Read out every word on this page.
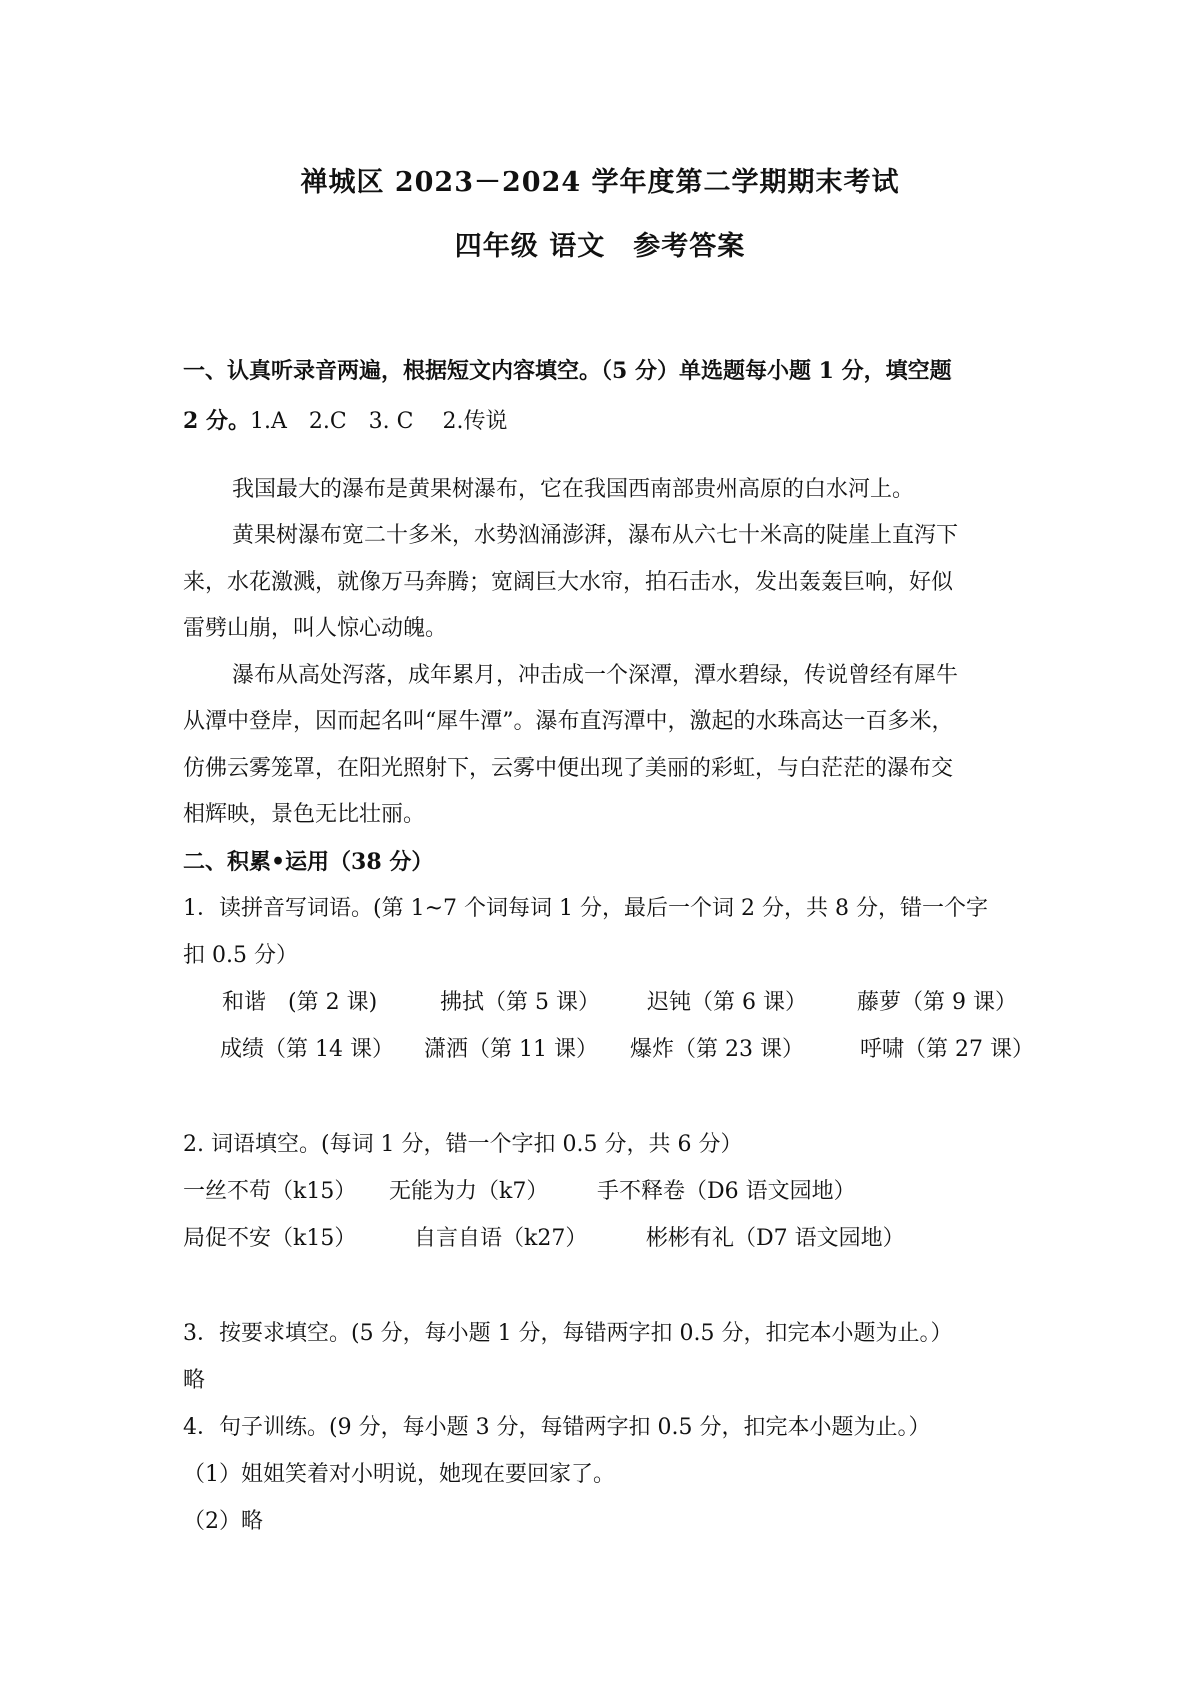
禅城区 2023－2024 学年度第二学期期末考试
四年级 语文　参考答案
一、认真听录音两遍，根据短文内容填空。（5 分）单选题每小题 1 分，填空题
2 分。1.A　2.C　3. C　 2.传说
我国最大的瀑布是黄果树瀑布，它在我国西南部贵州高原的白水河上。
黄果树瀑布宽二十多米，水势汹涌澎湃，瀑布从六七十米高的陡崖上直泻下
来，水花激溅，就像万马奔腾；宽阔巨大水帘，拍石击水，发出轰轰巨响，好似
雷劈山崩，叫人惊心动魄。
瀑布从高处泻落，成年累月，冲击成一个深潭，潭水碧绿，传说曾经有犀牛
从潭中登岸，因而起名叫“犀牛潭”。瀑布直泻潭中，激起的水珠高达一百多米，
仿佛云雾笼罩，在阳光照射下，云雾中便出现了美丽的彩虹，与白茫茫的瀑布交
相辉映，景色无比壮丽。
二、积累•运用（38 分）
1．读拼音写词语。(第 1~7 个词每词 1 分，最后一个词 2 分，共 8 分，错一个字
扣 0.5 分）
和谐　(第 2 课)	拂拭（第 5 课） 迟钝（第 6 课） 藤萝（第 9 课）
成绩（第 14 课） 潇洒（第 11 课） 爆炸（第 23 课）	呼啸（第 27 课）
2. 词语填空。(每词 1 分，错一个字扣 0.5 分，共 6 分）
一丝不苟（k15） 无能为力（k7） 手不释卷（D6 语文园地）
局促不安（k15）	自言自语（k27）	彬彬有礼（D7 语文园地）
3．按要求填空。(5 分，每小题 1 分，每错两字扣 0.5 分，扣完本小题为止。）
略
4．句子训练。(9 分，每小题 3 分，每错两字扣 0.5 分，扣完本小题为止。）
（1）姐姐笑着对小明说，她现在要回家了。
（2）略
